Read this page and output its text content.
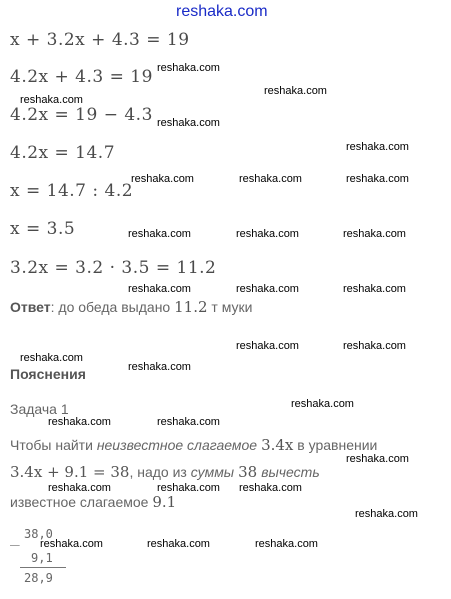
reshaka.com
x + 3.2x + 4.3 = 19
4.2x + 4.3 = 19
4.2x = 19 − 4.3
4.2x = 14.7
x = 14.7 : 4.2
x = 3.5
3.2x = 3.2 · 3.5 = 11.2
Ответ: до обеда выдано 11.2 т муки
Пояснения
Задача 1
Чтобы найти неизвестное слагаемое 3.4x в уравнении
3.4x + 9.1 = 38, надо из суммы 38 вычесть
известное слагаемое 9.1
_ 38,0
9,1
28,9
reshaka.com
reshaka.com
reshaka.com
reshaka.com
reshaka.com
reshaka.com	reshaka.com	reshaka.com
reshaka.com	reshaka.com	reshaka.com
reshaka.com	reshaka.com	reshaka.com
reshaka.com	reshaka.com
reshaka.com
reshaka.com
reshaka.com
reshaka.com	reshaka.com
reshaka.com
reshaka.com	reshaka.com reshaka.com
reshaka.com
reshaka.com	reshaka.com	reshaka.com
